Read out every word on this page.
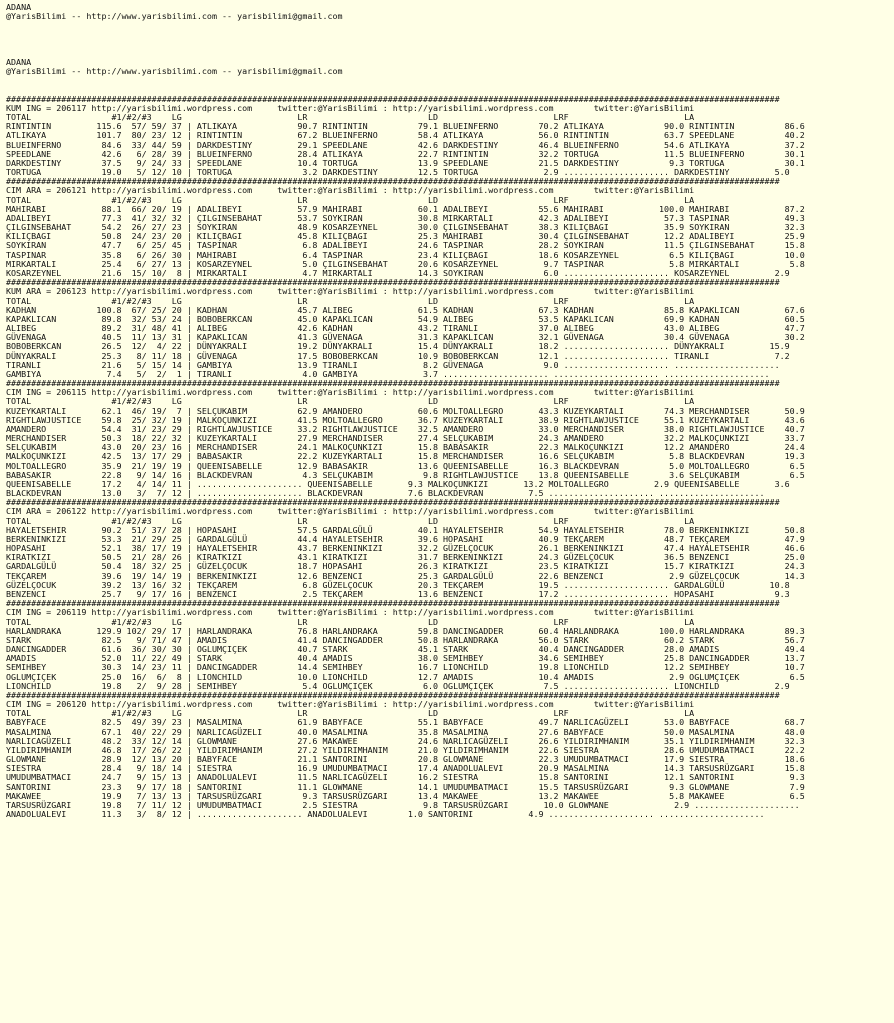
ADANA
@YarisBilimi -- http://www.yarisbilimi.com -- yarisbilimi@gmail.com
ADANA
@YarisBilimi -- http://www.yarisbilimi.com -- yarisbilimi@gmail.com
##########################################################################################################################################################
KUM ING = 206117 http://yarisbilimi.wordpress.com     twitter:@YarisBilimi : http://yarisbilimi.wordpress.com        twitter:@YarisBilimi
TOTAL                #1/#2/#3    LG                       LR                        LD                       LRF                       LA
RINTINTIN         115.6  57/ 59/ 37 | ATLIKAYA            90.7 RINTINTIN          79.1 BLUEINFERNO        70.2 ATLIKAYA            90.0 RINTINTIN          86.6
ATLIKAYA          101.7  80/ 23/ 12 | RINTINTIN           67.2 BLUEINFERNO        58.4 ATLIKAYA           56.0 RINTINTIN           63.7 SPEEDLANE          40.2
BLUEINFERNO        84.6  33/ 44/ 59 | DARKDESTINY         29.1 SPEEDLANE          42.6 DARKDESTINY        46.4 BLUEINFERNO         54.6 ATLIKAYA           37.2
SPEEDLANE          42.6   6/ 28/ 39 | BLUEINFERNO         28.4 ATLIKAYA           22.7 RINTINTIN          32.2 TORTUGA             11.5 BLUEINFERNO        30.1
DARKDESTINY        37.5   9/ 24/ 33 | SPEEDLANE           10.4 TORTUGA            13.9 SPEEDLANE          21.5 DARKDESTINY          9.3 TORTUGA            30.1
TORTUGA            19.0   5/ 12/ 10 | TORTUGA              3.2 DARKDESTINY        12.5 TORTUGA             2.9 ..................... DARKDESTINY         5.0
##########################################################################################################################################################
CIM ARA = 206121 http://yarisbilimi.wordpress.com     twitter:@YarisBilimi : http://yarisbilimi.wordpress.com        twitter:@YarisBilimi
TOTAL                #1/#2/#3    LG                       LR                        LD                       LRF                       LA
MAHIRABI           88.1  66/ 20/ 19 | ADALIBEYI           57.9 MAHIRABI           60.1 ADALIBEYI          55.6 MAHIRABI           100.0 MAHIRABI           87.2
ADALIBEYI          77.3  41/ 32/ 32 | ÇILGINSEBAHAT       53.7 SOYKIRAN           30.8 MIRKARTALI         42.3 ADALIBEYI           57.3 TASPINAR           49.3
ÇILGINSEBAHAT      54.2  26/ 27/ 23 | SOYKIRAN            48.9 KOSARZEYNEL        30.0 ÇILGINSEBAHAT      38.3 KILIÇBAGI           35.9 SOYKIRAN           32.3
KILIÇBAGI          50.8  24/ 23/ 20 | KILIÇBAGI           45.8 KILIÇBAGI          25.3 MAHIRABI           30.4 ÇILGINSEBAHAT       12.2 ADALIBEYI          25.9
SOYKIRAN           47.7   6/ 25/ 45 | TASPINAR             6.8 ADALIBEYI          24.6 TASPINAR           28.2 SOYKIRAN            11.5 ÇILGINSEBAHAT      15.8
TASPINAR           35.8   6/ 26/ 30 | MAHIRABI             6.4 TASPINAR           23.4 KILIÇBAGI          18.6 KOSARZEYNEL          6.5 KILIÇBAGI          10.0
MIRKARTALI         25.4   6/ 27/ 13 | KOSARZEYNEL          5.0 ÇILGINSEBAHAT      20.6 KOSARZEYNEL         9.7 TASPINAR             5.8 MIRKARTALI          5.8
KOSARZEYNEL        21.6  15/ 10/  8 | MIRKARTALI           4.7 MIRKARTALI         14.3 SOYKIRAN            6.0 ..................... KOSARZEYNEL         2.9
##########################################################################################################################################################
KUM ARA = 206123 http://yarisbilimi.wordpress.com     twitter:@YarisBilimi : http://yarisbilimi.wordpress.com        twitter:@YarisBilimi
TOTAL                #1/#2/#3    LG                       LR                        LD                       LRF                       LA
KADHAN            100.8  67/ 25/ 20 | KADHAN              45.7 ALIBEG             61.5 KADHAN             67.3 KADHAN              85.8 KAPAKLICAN         67.6
KAPAKLICAN         89.8  32/ 53/ 24 | BOBOBERKCAN         45.0 KAPAKLICAN         54.9 ALIBEG             53.5 KAPAKLICAN          69.9 KADHAN             60.5
ALIBEG             89.2  31/ 48/ 41 | ALIBEG              42.6 KADHAN             43.2 TIRANLI            37.0 ALIBEG              43.0 ALIBEG             47.7
GÜVENAGA           40.5  11/ 13/ 31 | KAPAKLICAN          41.3 GÜVENAGA           31.3 KAPAKLICAN         32.1 GÜVENAGA            30.4 GÜVENAGA           30.2
BOBOBERKCAN        26.5  12/  4/ 22 | DÜNYAKRALI          19.2 DÜNYAKRALI         15.4 DÜNYAKRALI         18.2 ..................... DÜNYAKRALI         15.9
DÜNYAKRALI         25.3   8/ 11/ 18 | GÜVENAGA            17.5 BOBOBERKCAN        10.9 BOBOBERKCAN        12.1 ..................... TIRANLI             7.2
TIRANLI            21.6   5/ 15/ 14 | GAMBIYA             13.9 TIRANLI             8.2 GÜVENAGA            9.0 ..................... .....................
GAMBIYA             7.4   5/  2/  1 | TIRANLI              4.0 GAMBIYA             3.7 ..................... ..................... .....................
##########################################################################################################################################################
CIM ING = 206115 http://yarisbilimi.wordpress.com     twitter:@YarisBilimi : http://yarisbilimi.wordpress.com        twitter:@YarisBilimi
TOTAL                #1/#2/#3    LG                       LR                        LD                       LRF                       LA
KUZEYKARTALI       62.1  46/ 19/  7 | SELÇUKABIM          62.9 AMANDERO           60.6 MOLTOALLEGRO       43.3 KUZEYKARTALI        74.3 MERCHANDISER       50.9
RIGHTLAWJUSTICE    59.8  25/ 32/ 19 | MALKOÇUNKIZI        41.5 MOLTOALLEGRO       36.7 KUZEYKARTALI       38.9 RIGHTLAWJUSTICE     55.1 KUZEYKARTALI       43.6
AMANDERO           54.4  31/ 23/ 29 | RIGHTLAWJUSTICE     33.2 RIGHTLAWJUSTICE    32.5 AMANDERO           33.0 MERCHANDISER        38.0 RIGHTLAWJUSTICE    40.7
MERCHANDISER       50.3  18/ 22/ 32 | KUZEYKARTALI        27.9 MERCHANDISER       27.4 SELÇUKABIM         24.3 AMANDERO            32.2 MALKOÇUNKIZI       33.7
SELÇUKABIM         43.0  20/ 23/ 16 | MERCHANDISER        24.1 MALKOÇUNKIZI       15.8 BABASAKIR          22.3 MALKOÇUNKIZI        12.2 AMANDERO           24.4
MALKOÇUNKIZI       42.5  13/ 17/ 29 | BABASAKIR           22.2 KUZEYKARTALI       15.8 MERCHANDISER       16.6 SELÇUKABIM           5.8 BLACKDEVRAN        19.3
MOLTOALLEGRO       35.9  21/ 19/ 19 | QUEENISABELLE       12.9 BABASAKIR          13.6 QUEENISABELLE      16.3 BLACKDEVRAN          5.0 MOLTOALLEGRO        6.5
BABASAKIR          22.8   9/ 14/ 16 | BLACKDEVRAN          4.3 SELÇUKABIM          9.8 RIGHTLAWJUSTICE    13.8 QUEENISABELLE        3.6 SELÇUKABIM          6.5
QUEENISABELLE      17.2   4/ 14/ 11 | ..................... QUEENISABELLE       9.3 MALKOÇUNKIZI       13.2 MOLTOALLEGRO         2.9 QUEENISABELLE       3.6
BLACKDEVRAN        13.0   3/  7/ 12 | ..................... BLACKDEVRAN         7.6 BLACKDEVRAN         7.5 ..................... .....................
##########################################################################################################################################################
CIM ARA = 206122 http://yarisbilimi.wordpress.com     twitter:@YarisBilimi : http://yarisbilimi.wordpress.com        twitter:@YarisBilimi
TOTAL                #1/#2/#3    LG                       LR                        LD                       LRF                       LA
HAYALETSEHIR       90.2  51/ 37/ 28 | HOPASAHI            57.5 GARDALGÜLÜ         40.1 HAYALETSEHIR       54.9 HAYALETSEHIR        78.0 BERKENINKIZI       50.8
BERKENINKIZI       53.3  21/ 29/ 25 | GARDALGÜLÜ          44.4 HAYALETSEHIR       39.6 HOPASAHI           40.9 TEKÇAREM            48.7 TEKÇAREM           47.9
HOPASAHI           52.1  38/ 17/ 19 | HAYALETSEHIR        43.7 BERKENINKIZI       32.2 GÜZELÇOCUK         26.1 BERKENINKIZI        47.4 HAYALETSEHIR       46.6
KIRATKIZI          50.5  21/ 28/ 26 | KIRATKIZI           43.1 KIRATKIZI          31.7 BERKENINKIZI       24.3 GÜZELÇOCUK          36.5 BENZENCI           25.0
GARDALGÜLÜ         50.4  18/ 32/ 25 | GÜZELÇOCUK          18.7 HOPASAHI           26.3 KIRATKIZI          23.5 KIRATKIZI           15.7 KIRATKIZI          24.3
TEKÇAREM           39.6  19/ 14/ 19 | BERKENINKIZI        12.6 BENZENCI           25.3 GARDALGÜLÜ         22.6 BENZENCI             2.9 GÜZELÇOCUK         14.3
GÜZELÇOCUK         39.2  13/ 16/ 32 | TEKÇAREM             6.8 GÜZELÇOCUK         20.3 TEKÇAREM           19.5 ..................... GARDALGÜLÜ         10.8
BENZENCI           25.7   9/ 17/ 16 | BENZENCI             2.5 TEKÇAREM           13.6 BENZENCI           17.2 ..................... HOPASAHI            9.3
##########################################################################################################################################################
CIM ING = 206119 http://yarisbilimi.wordpress.com     twitter:@YarisBilimi : http://yarisbilimi.wordpress.com        twitter:@YarisBilimi
TOTAL                #1/#2/#3    LG                       LR                        LD                       LRF                       LA
HARLANDRAKA       129.9 102/ 29/ 17 | HARLANDRAKA         76.8 HARLANDRAKA        59.8 DANCINGADDER       60.4 HARLANDRAKA        100.0 HARLANDRAKA        89.3
STARK              82.5   9/ 71/ 47 | AMADIS              41.4 DANCINGADDER       50.8 HARLANDRAKA        56.0 STARK               60.2 STARK              56.7
DANCINGADDER       61.6  36/ 30/ 30 | OGLUMÇIÇEK          40.7 STARK              45.1 STARK              40.4 DANCINGADDER        28.0 AMADIS             49.4
AMADIS             52.0  11/ 22/ 49 | STARK               40.4 AMADIS             38.0 SEMIHBEY           34.6 SEMIHBEY            25.8 DANCINGADDER       13.7
SEMIHBEY           30.3  14/ 23/ 11 | DANCINGADDER        14.4 SEMIHBEY           16.7 LIONCHILD          19.8 LIONCHILD           12.2 SEMIHBEY           10.7
OGLUMÇIÇEK         25.0  16/  6/  8 | LIONCHILD           10.0 LIONCHILD          12.7 AMADIS             10.4 AMADIS               2.9 OGLUMÇIÇEK          6.5
LIONCHILD          19.8   2/  9/ 28 | SEMIHBEY             5.4 OGLUMÇIÇEK          6.0 OGLUMÇIÇEK          7.5 ..................... LIONCHILD           2.9
##########################################################################################################################################################
CIM ING = 206120 http://yarisbilimi.wordpress.com     twitter:@YarisBilimi : http://yarisbilimi.wordpress.com        twitter:@YarisBilimi
TOTAL                #1/#2/#3    LG                       LR                        LD                       LRF                       LA
BABYFACE           82.5  49/ 39/ 23 | MASALMINA           61.9 BABYFACE           55.1 BABYFACE           49.7 NARLICAGÜZELI       53.0 BABYFACE           68.7
MASALMINA          67.1  40/ 22/ 29 | NARLICAGÜZELI       40.0 MASALMINA          35.8 MASALMINA          27.6 BABYFACE            50.0 MASALMINA          48.0
NARLICAGÜZELI      48.2  33/ 12/ 14 | GLOWMANE            27.6 MAKAWEE            24.6 NARLICAGÜZELI      26.6 YILDIRIMHANIM       35.1 YILDIRIMHANIM      32.3
YILDIRIMHANIM      46.8  17/ 26/ 22 | YILDIRIMHANIM       27.2 YILDIRIMHANIM      21.0 YILDIRIMHANIM      22.6 SIESTRA             28.6 UMUDUMBATMACI      22.2
GLOWMANE           28.9  12/ 13/ 20 | BABYFACE            21.1 SANTORINI          20.8 GLOWMANE           22.3 UMUDUMBATMACI       17.9 SIESTRA            18.6
SIESTRA            28.4   9/ 18/ 14 | SIESTRA             16.9 UMUDUMBATMACI      17.4 ANADOLUALEVI       20.9 MASALMINA           14.3 TARSUSRÜZGARI      15.8
UMUDUMBATMACI      24.7   9/ 15/ 13 | ANADOLUALEVI        11.5 NARLICAGÜZELI      16.2 SIESTRA            15.8 SANTORINI           12.1 SANTORINI           9.3
SANTORINI          23.3   9/ 17/ 18 | SANTORINI           11.1 GLOWMANE           14.1 UMUDUMBATMACI      15.5 TARSUSRÜZGARI        9.3 GLOWMANE            7.9
MAKAWEE            19.9   7/ 13/ 13 | TARSUSRÜZGARI        9.3 TARSUSRÜZGARI      13.4 MAKAWEE            13.2 MAKAWEE              5.8 MAKAWEE             6.5
TARSUSRÜZGARI      19.8   7/ 11/ 12 | UMUDUMBATMACI        2.5 SIESTRA             9.8 TARSUSRÜZGARI       10.0 GLOWMANE             2.9 .....................
ANADOLUALEVI       11.3   3/  8/ 12 | ..................... ANADOLUALEVI        1.0 SANTORINI           4.9 ..................... .....................
